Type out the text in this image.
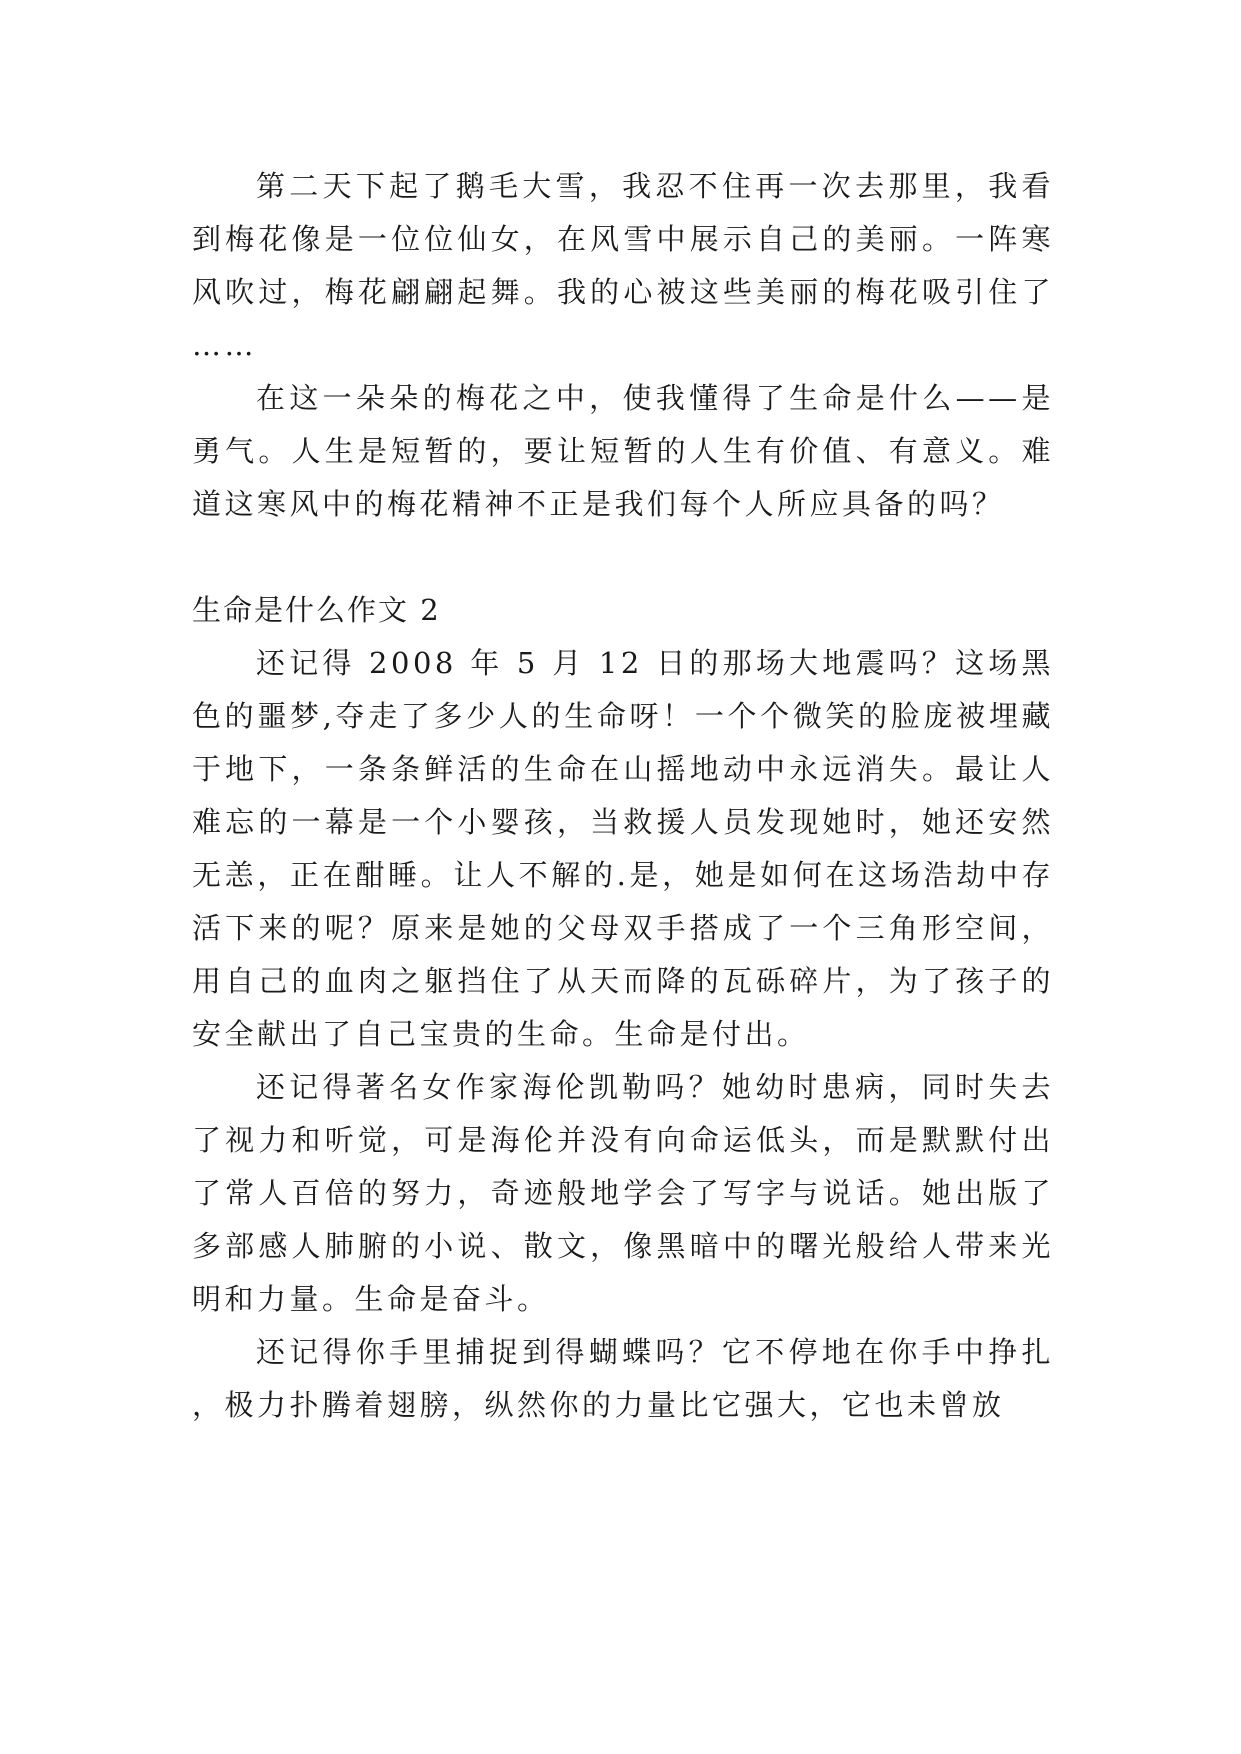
第二天下起了鹅毛大雪，我忍不住再一次去那里，我看到梅花像是一位位仙女，在风雪中展示自己的美丽。一阵寒风吹过，梅花翩翩起舞。我的心被这些美丽的梅花吸引住了……

在这一朵朵的梅花之中，使我懂得了生命是什么——是勇气。人生是短暂的，要让短暂的人生有价值、有意义。难道这寒风中的梅花精神不正是我们每个人所应具备的吗？

生命是什么作文 2

还记得 2008 年 5 月 12 日的那场大地震吗？这场黑色的噩梦,夺走了多少人的生命呀！一个个微笑的脸庞被埋藏于地下，一条条鲜活的生命在山摇地动中永远消失。最让人难忘的一幕是一个小婴孩，当救援人员发现她时，她还安然无恙，正在酣睡。让人不解的.是，她是如何在这场浩劫中存活下来的呢？原来是她的父母双手搭成了一个三角形空间，用自己的血肉之躯挡住了从天而降的瓦砾碎片，为了孩子的安全献出了自己宝贵的生命。生命是付出。

还记得著名女作家海伦凯勒吗？她幼时患病，同时失去了视力和听觉，可是海伦并没有向命运低头，而是默默付出了常人百倍的努力，奇迹般地学会了写字与说话。她出版了多部感人肺腑的小说、散文，像黑暗中的曙光般给人带来光明和力量。生命是奋斗。

还记得你手里捕捉到得蝴蝶吗？它不停地在你手中挣扎，极力扑腾着翅膀，纵然你的力量比它强大，它也未曾放
